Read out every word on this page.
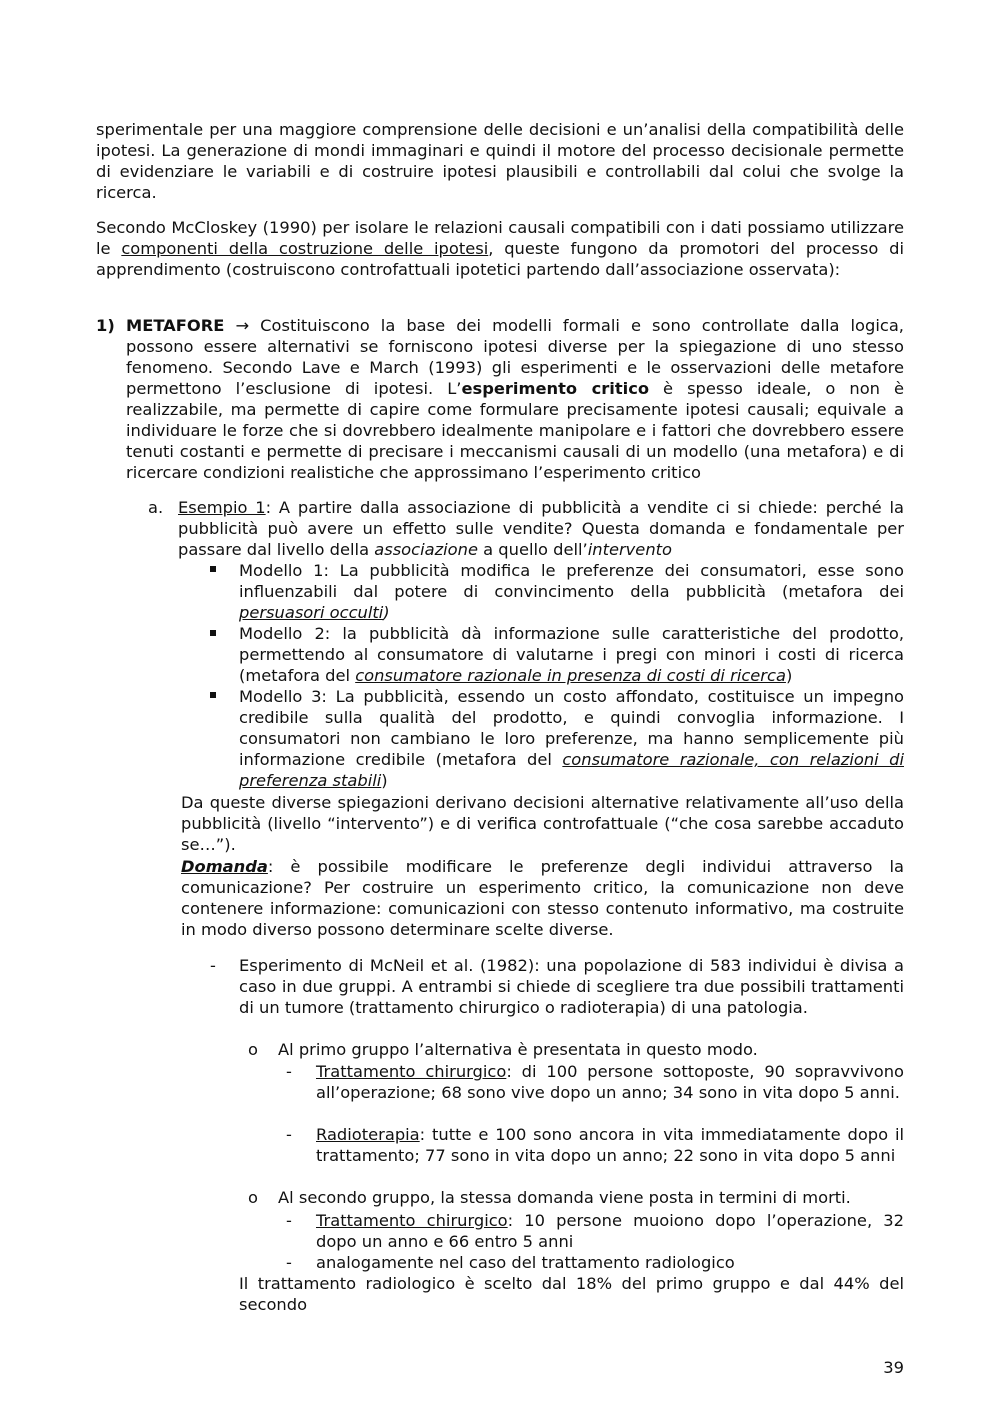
sperimentale per una maggiore comprensione delle decisioni e un’analisi della compatibilità delle ipotesi. La generazione di mondi immaginari e quindi il motore del processo decisionale permette di evidenziare le variabili e di costruire ipotesi plausibili e controllabili dal colui che svolge la ricerca.
Secondo McCloskey (1990) per isolare le relazioni causali compatibili con i dati possiamo utilizzare le componenti della costruzione delle ipotesi, queste fungono da promotori del processo di apprendimento (costruiscono controfattuali ipotetici partendo dall’associazione osservata):
1) METAFORE → Costituiscono la base dei modelli formali e sono controllate dalla logica, possono essere alternativi se forniscono ipotesi diverse per la spiegazione di uno stesso fenomeno. Secondo Lave e March (1993) gli esperimenti e le osservazioni delle metafore permettono l’esclusione di ipotesi. L’esperimento critico è spesso ideale, o non è realizzabile, ma permette di capire come formulare precisamente ipotesi causali; equivale a individuare le forze che si dovrebbero idealmente manipolare e i fattori che dovrebbero essere tenuti costanti e permette di precisare i meccanismi causali di un modello (una metafora) e di ricercare condizioni realistiche che approssimano l’esperimento critico
a. Esempio 1: A partire dalla associazione di pubblicità a vendite ci si chiede: perché la pubblicità può avere un effetto sulle vendite? Questa domanda e fondamentale per passare dal livello della associazione a quello dell’intervento
Modello 1: La pubblicità modifica le preferenze dei consumatori, esse sono influenzabili dal potere di convincimento della pubblicità (metafora dei persuasori occulti)
Modello 2: la pubblicità dà informazione sulle caratteristiche del prodotto, permettendo al consumatore di valutarne i pregi con minori i costi di ricerca (metafora del consumatore razionale in presenza di costi di ricerca)
Modello 3: La pubblicità, essendo un costo affondato, costituisce un impegno credibile sulla qualità del prodotto, e quindi convoglia informazione. I consumatori non cambiano le loro preferenze, ma hanno semplicemente più informazione credibile (metafora del consumatore razionale, con relazioni di preferenza stabili)
Da queste diverse spiegazioni derivano decisioni alternative relativamente all’uso della pubblicità (livello “intervento”) e di verifica controfattuale (“che cosa sarebbe accaduto se…”).
Domanda: è possibile modificare le preferenze degli individui attraverso la comunicazione? Per costruire un esperimento critico, la comunicazione non deve contenere informazione: comunicazioni con stesso contenuto informativo, ma costruite in modo diverso possono determinare scelte diverse.
- Esperimento di McNeil et al. (1982): una popolazione di 583 individui è divisa a caso in due gruppi. A entrambi si chiede di scegliere tra due possibili trattamenti di un tumore (trattamento chirurgico o radioterapia) di una patologia.
o Al primo gruppo l’alternativa è presentata in questo modo.
- Trattamento chirurgico: di 100 persone sottoposte, 90 sopravvivono all’operazione; 68 sono vive dopo un anno; 34 sono in vita dopo 5 anni.
- Radioterapia: tutte e 100 sono ancora in vita immediatamente dopo il trattamento; 77 sono in vita dopo un anno; 22 sono in vita dopo 5 anni
o Al secondo gruppo, la stessa domanda viene posta in termini di morti.
- Trattamento chirurgico: 10 persone muoiono dopo l’operazione, 32 dopo un anno e 66 entro 5 anni
- analogamente nel caso del trattamento radiologico
Il trattamento radiologico è scelto dal 18% del primo gruppo e dal 44% del secondo
39
